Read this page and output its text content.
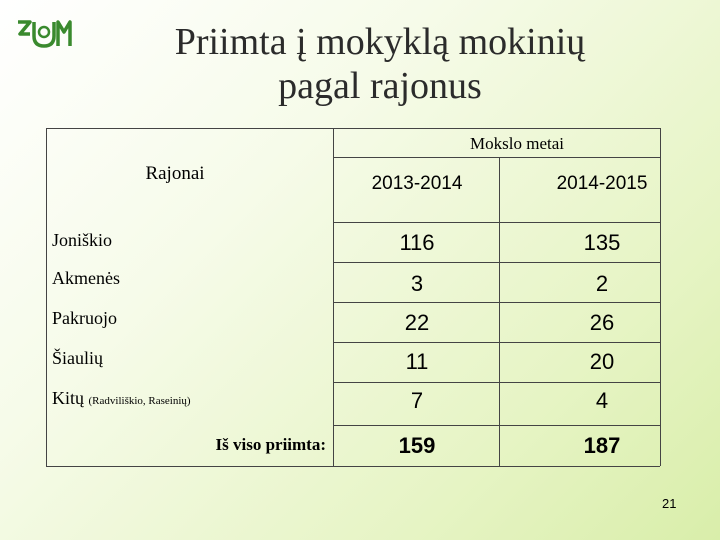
Priimta į mokyklą mokinių
pagal rajonus
Mokslo metai
Rajonai	2013-2014	2014-2015
Joniškio	116	135
Akmenės	3	2
Pakruojo	22	26
Šiaulių	11	20
Kitų (Radviliškio, Raseinių)	7	4
Iš viso priimta:	159	187
21
